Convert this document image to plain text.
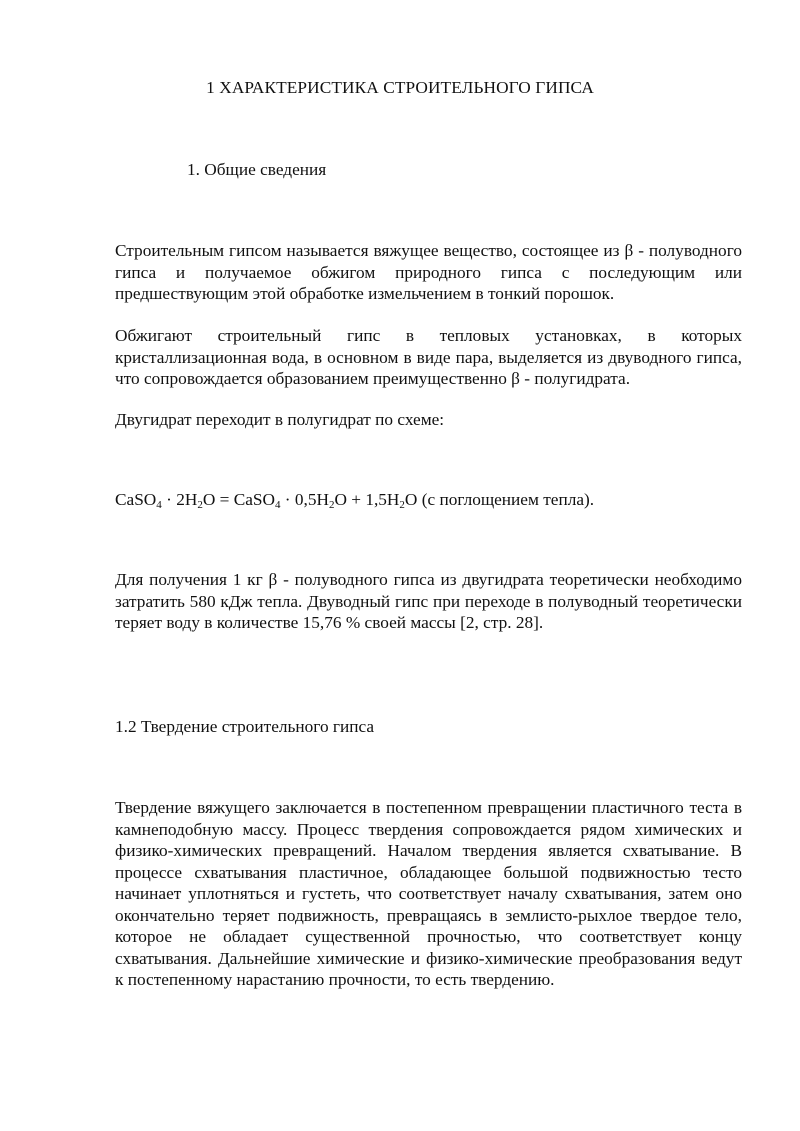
1 ХАРАКТЕРИСТИКА СТРОИТЕЛЬНОГО ГИПСА
1. Общие сведения

Строительным гипсом называется вяжущее вещество, состоящее из β - полуводного гипса и получаемое обжигом природного гипса с последующим или предшествующим этой обработке измельчением в тонкий порошок.

Обжигают строительный гипс в тепловых установках, в которых кристаллизационная вода, в основном в виде пара, выделяется из двуводного гипса, что сопровождается образованием преимущественно β - полугидрата.

Двугидрат переходит в полугидрат по схеме:

CaSO$_4$ · $2H_2O$ = CaSO$_4$ · $0,5H_2O + 1,5H_2O$ (с поглощением тепла).

Для получения 1 кг β - полуводного гипса из двугидрата теоретически необходимо затратить 580 кДж тепла. Двуводный гипс при переходе в полуводный теоретически теряет воду в количестве 15,76 % своей массы [2, стр. 28].

1.2 Твердение строительного гипса

Твердение вяжущего заключается в постепенном превращении пластичного теста в камнеподобную массу. Процесс твердения сопровождается рядом химических и физико-химических превращений. Началом твердения является схватывание. В процессе схватывания пластичное, обладающее большой подвижностью тесто начинает уплотняться и густеть, что соответствует началу схватывания, затем оно окончательно теряет подвижность, превращаясь в землисто-рыхлое твердое тело, которое не обладает существенной прочностью, что соответствует концу схватывания. Дальнейшие химические и физико-химические преобразования ведут к постепенному нарастанию прочности, то есть твердению.
